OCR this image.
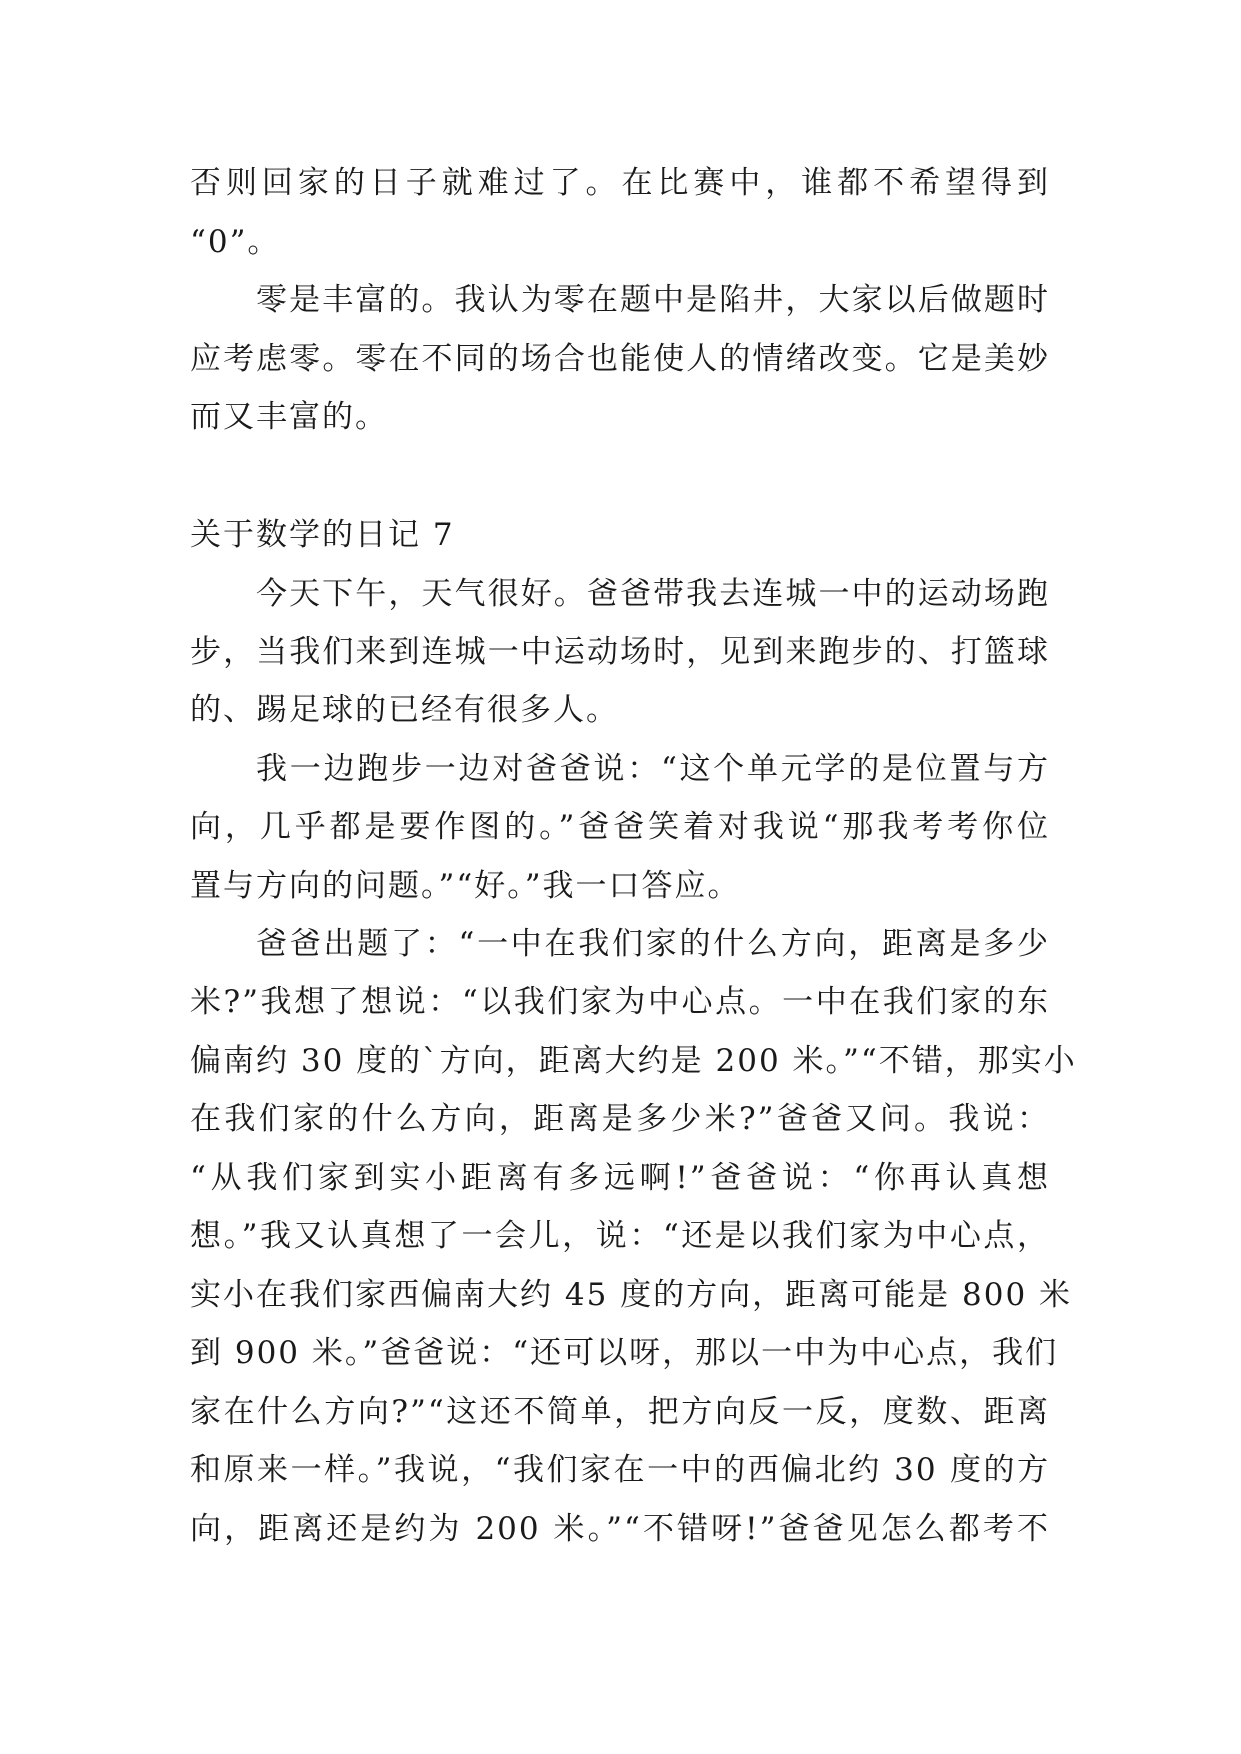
否则回家的日子就难过了。在比赛中，谁都不希望得到
“0”。
零是丰富的。我认为零在题中是陷井，大家以后做题时
应考虑零。零在不同的场合也能使人的情绪改变。它是美妙
而又丰富的。
关于数学的日记 7
今天下午，天气很好。爸爸带我去连城一中的运动场跑
步，当我们来到连城一中运动场时，见到来跑步的、打篮球
的、踢足球的已经有很多人。
我一边跑步一边对爸爸说：“这个单元学的是位置与方
向，几乎都是要作图的。”爸爸笑着对我说“那我考考你位
置与方向的问题。”“好。”我一口答应。
爸爸出题了：“一中在我们家的什么方向，距离是多少
米?”我想了想说：“以我们家为中心点。一中在我们家的东
偏南约 30 度的`方向，距离大约是 200 米。”“不错，那实小
在我们家的什么方向，距离是多少米?”爸爸又问。我说：
“从我们家到实小距离有多远啊!”爸爸说：“你再认真想
想。”我又认真想了一会儿，说：“还是以我们家为中心点，
实小在我们家西偏南大约 45 度的方向，距离可能是 800 米
到 900 米。”爸爸说：“还可以呀，那以一中为中心点，我们
家在什么方向?”“这还不简单，把方向反一反，度数、距离
和原来一样。”我说，“我们家在一中的西偏北约 30 度的方
向，距离还是约为 200 米。”“不错呀!”爸爸见怎么都考不
